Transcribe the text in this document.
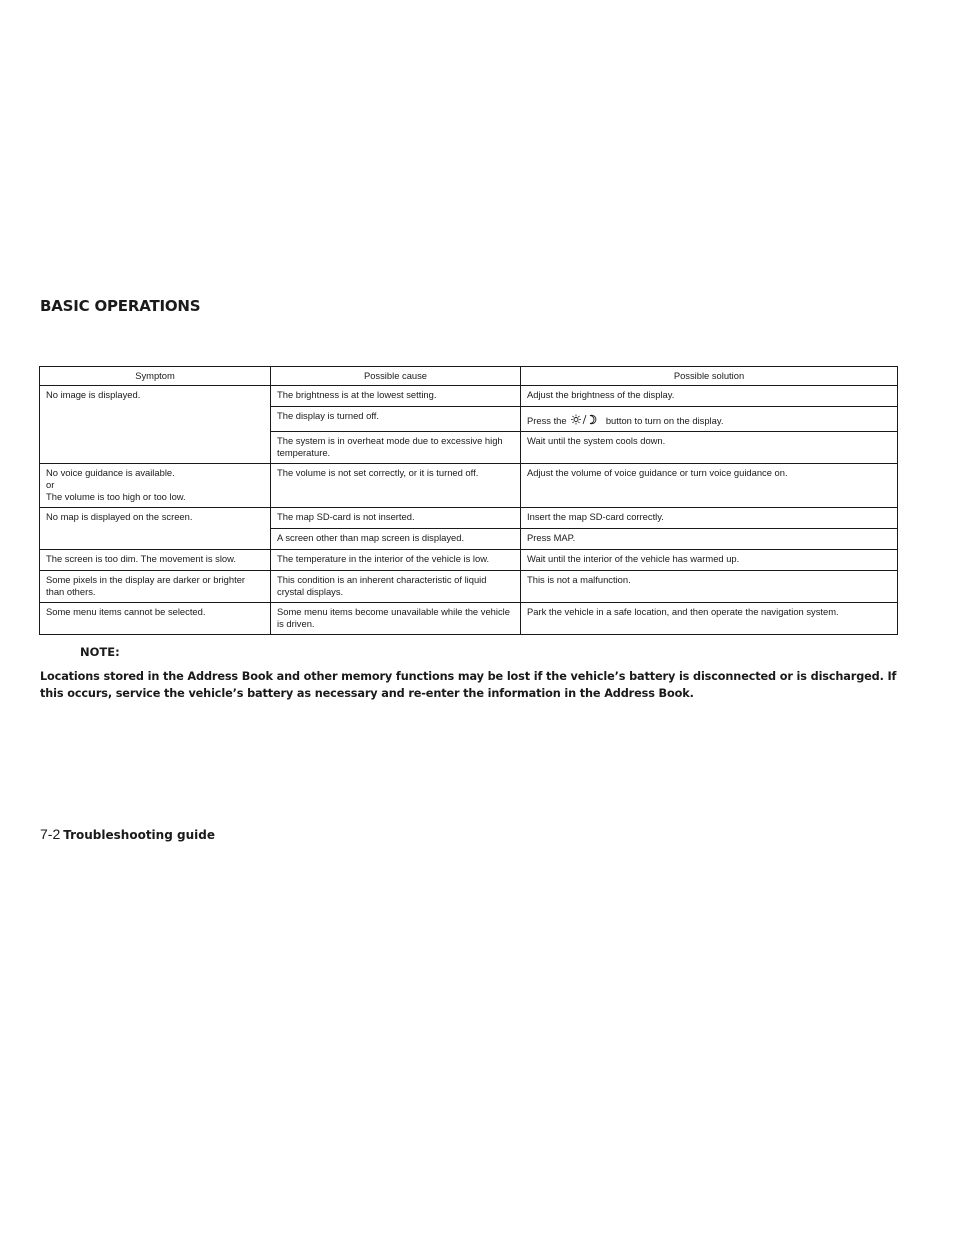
BASIC OPERATIONS
Symptom	Possible cause	Possible solution
No image is displayed.	The brightness is at the lowest setting.	Adjust the brightness of the display.
	The display is turned off.	Press the button to turn on the display.
	The system is in overheat mode due to excessive high temperature.	Wait until the system cools down.

No voice guidance is available.
or
The volume is too high or too low.	The volume is not set correctly, or it is turned off.	Adjust the volume of voice guidance or turn voice guidance on.
No map is displayed on the screen.	The map SD-card is not inserted.	Insert the map SD-card correctly.
	A screen other than map screen is displayed.	Press MAP.
The screen is too dim. The movement is slow.	The temperature in the interior of the vehicle is low.	Wait until the interior of the vehicle has warmed up.
Some pixels in the display are darker or brighter than others.	This condition is an inherent characteristic of liquid crystal displays.	This is not a malfunction.
Some menu items cannot be selected.	Some menu items become unavailable while the vehicle is driven.	Park the vehicle in a safe location, and then operate the navigation system.

NOTE:

Locations stored in the Address Book and other memory functions may be lost if the vehicle’s battery is disconnected or is discharged. If this occurs, service the vehicle’s battery as necessary and re-enter the information in the Address Book.

7-2 Troubleshooting guide
